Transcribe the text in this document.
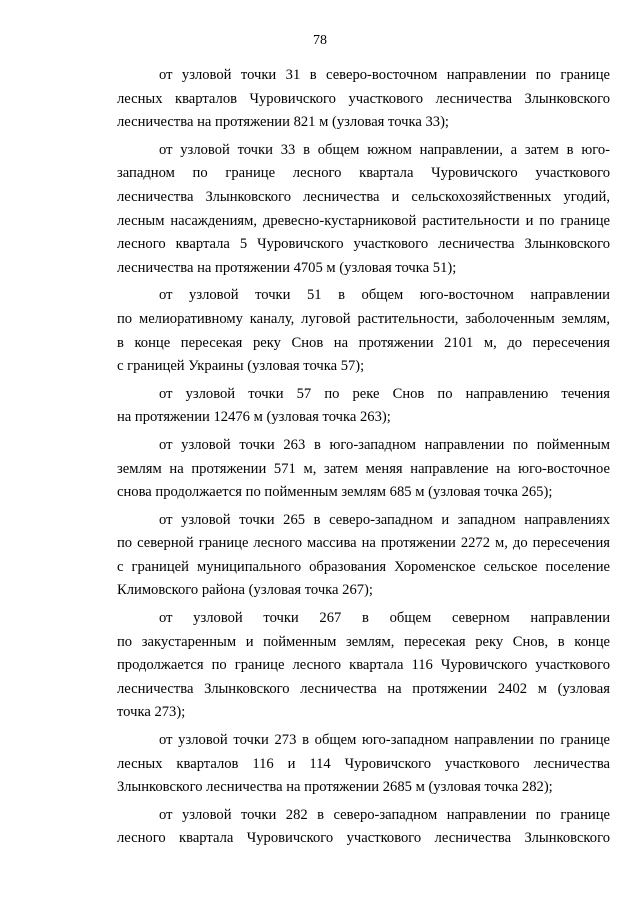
78
от узловой точки 31 в северо-восточном направлении по границе
лесных кварталов Чуровичского участкового лесничества Злынковского
лесничества на протяжении 821 м (узловая точка 33);
от узловой точки 33 в общем южном направлении, а затем в юго-
западном по границе лесного квартала Чуровичского участкового
лесничества Злынковского лесничества и сельскохозяйственных угодий,
лесным насаждениям, древесно-кустарниковой растительности и по границе
лесного квартала 5 Чуровичского участкового лесничества Злынковского
лесничества на протяжении 4705 м (узловая точка 51);
от узловой точки 51 в общем юго-восточном направлении
по мелиоративному каналу, луговой растительности, заболоченным землям,
в конце пересекая реку Снов на протяжении 2101 м, до пересечения
с границей Украины (узловая точка 57);
от узловой точки 57 по реке Снов по направлению течения
на протяжении 12476 м (узловая точка 263);
от узловой точки 263 в юго-западном направлении по пойменным
землям на протяжении 571 м, затем меняя направление на юго-восточное
снова продолжается по пойменным землям 685 м (узловая точка 265);
от узловой точки 265 в северо-западном и западном направлениях
по северной границе лесного массива на протяжении 2272 м, до пересечения
с границей муниципального образования Хороменское сельское поселение
Климовского района (узловая точка 267);
от узловой точки 267 в общем северном направлении
по закустаренным и пойменным землям, пересекая реку Снов, в конце
продолжается по границе лесного квартала 116 Чуровичского участкового
лесничества Злынковского лесничества на протяжении 2402 м (узловая
точка 273);
от узловой точки 273 в общем юго-западном направлении по границе
лесных кварталов 116 и 114 Чуровичского участкового лесничества
Злынковского лесничества на протяжении 2685 м (узловая точка 282);
от узловой точки 282 в северо-западном направлении по границе
лесного квартала Чуровичского участкового лесничества Злынковского
